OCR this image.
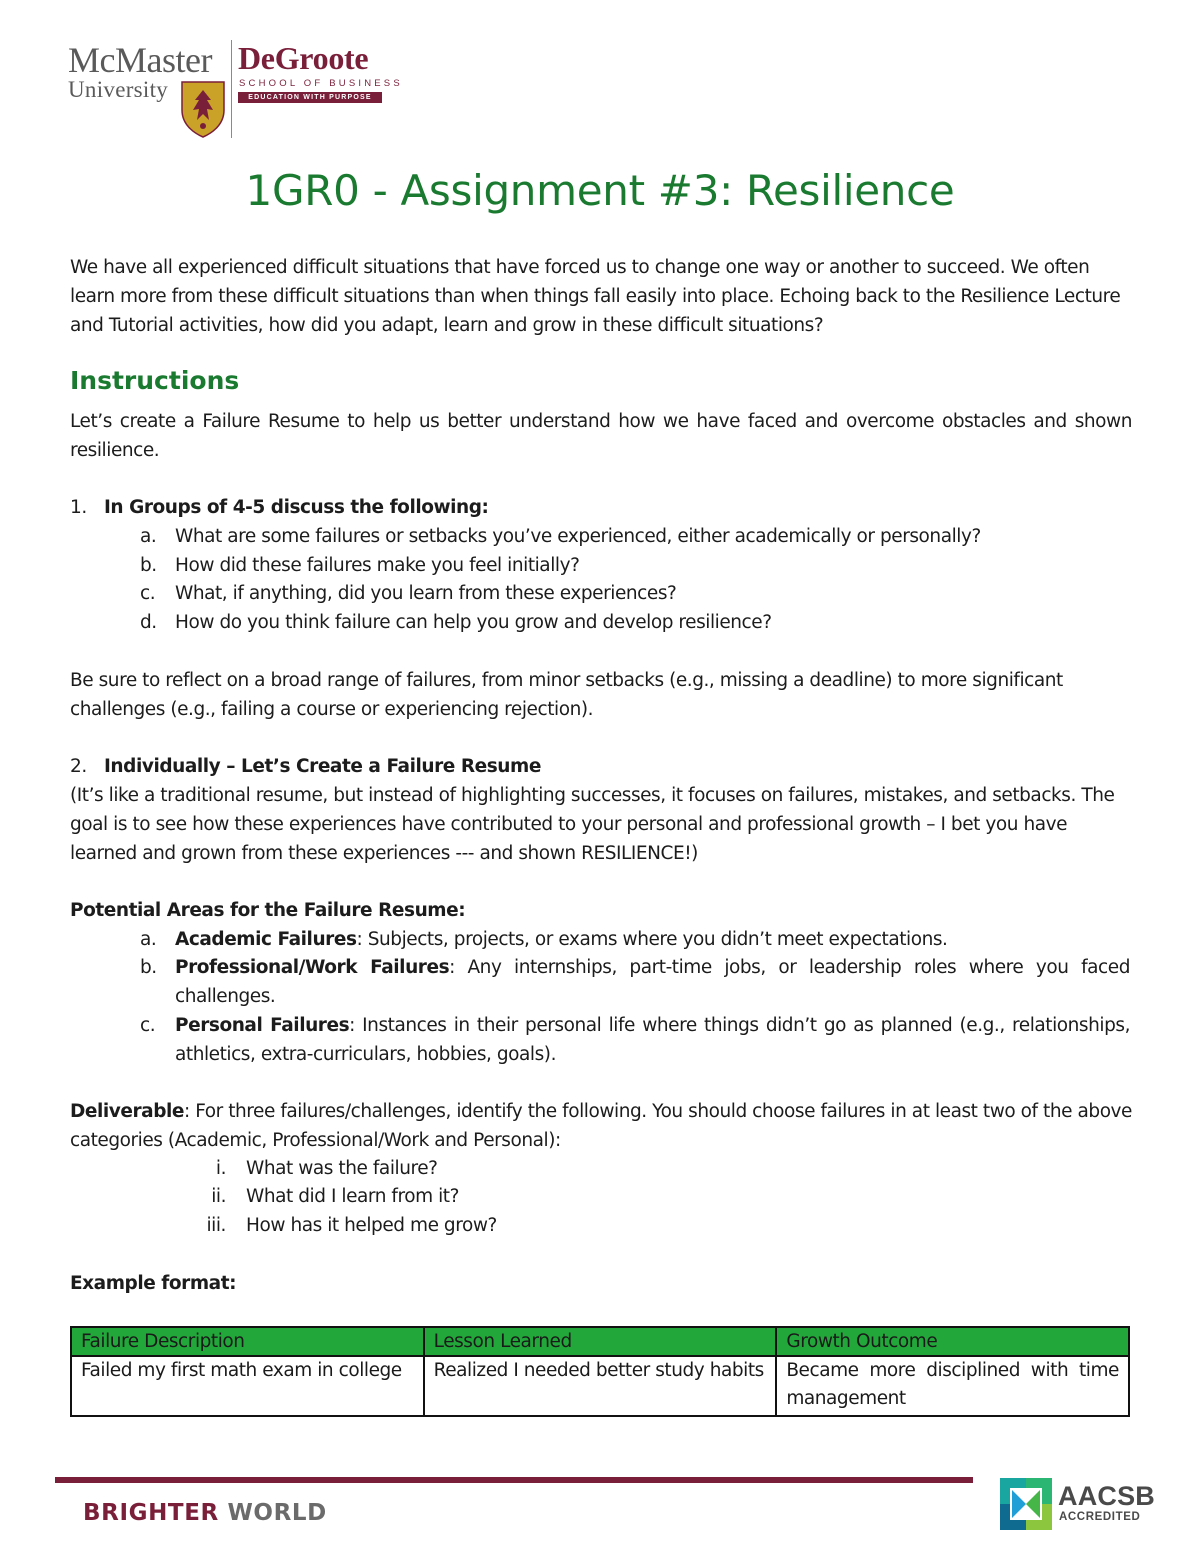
McMaster
University
DeGroote
SCHOOL OF BUSINESS
EDUCATION WITH PURPOSE
1GR0 - Assignment #3: Resilience
We have all experienced difficult situations that have forced us to change one way or another to succeed. We often learn more from these difficult situations than when things fall easily into place. Echoing back to the Resilience Lecture and Tutorial activities, how did you adapt, learn and grow in these difficult situations?
Instructions
Let’s create a Failure Resume to help us better understand how we have faced and overcome obstacles and shown resilience.
1. In Groups of 4-5 discuss the following:
a.	What are some failures or setbacks you’ve experienced, either academically or personally?
b. How did these failures make you feel initially?
c.	What, if anything, did you learn from these experiences?
d. How do you think failure can help you grow and develop resilience?
Be sure to reflect on a broad range of failures, from minor setbacks (e.g., missing a deadline) to more significant challenges (e.g., failing a course or experiencing rejection).
2. Individually – Let’s Create a Failure Resume
(It’s like a traditional resume, but instead of highlighting successes, it focuses on failures, mistakes, and setbacks. The goal is to see how these experiences have contributed to your personal and professional growth – I bet you have learned and grown from these experiences --- and shown RESILIENCE!)
Potential Areas for the Failure Resume:
a.	Academic Failures: Subjects, projects, or exams where you didn’t meet expectations.
b. Professional/Work Failures: Any internships, part-time jobs, or leadership roles where you faced challenges.
c.	Personal Failures: Instances in their personal life where things didn’t go as planned (e.g., relationships, athletics, extra-curriculars, hobbies, goals).
Deliverable: For three failures/challenges, identify the following. You should choose failures in at least two of the above categories (Academic, Professional/Work and Personal):
i. What was the failure?
ii. What did I learn from it?
iii. How has it helped me grow?
Example format:
Failure Description	Lesson Learned	Growth Outcome
Failed my first math exam in college	Realized I needed better study habits	Became more disciplined with time management
BRIGHTER WORLD
AACSB
ACCREDITED
